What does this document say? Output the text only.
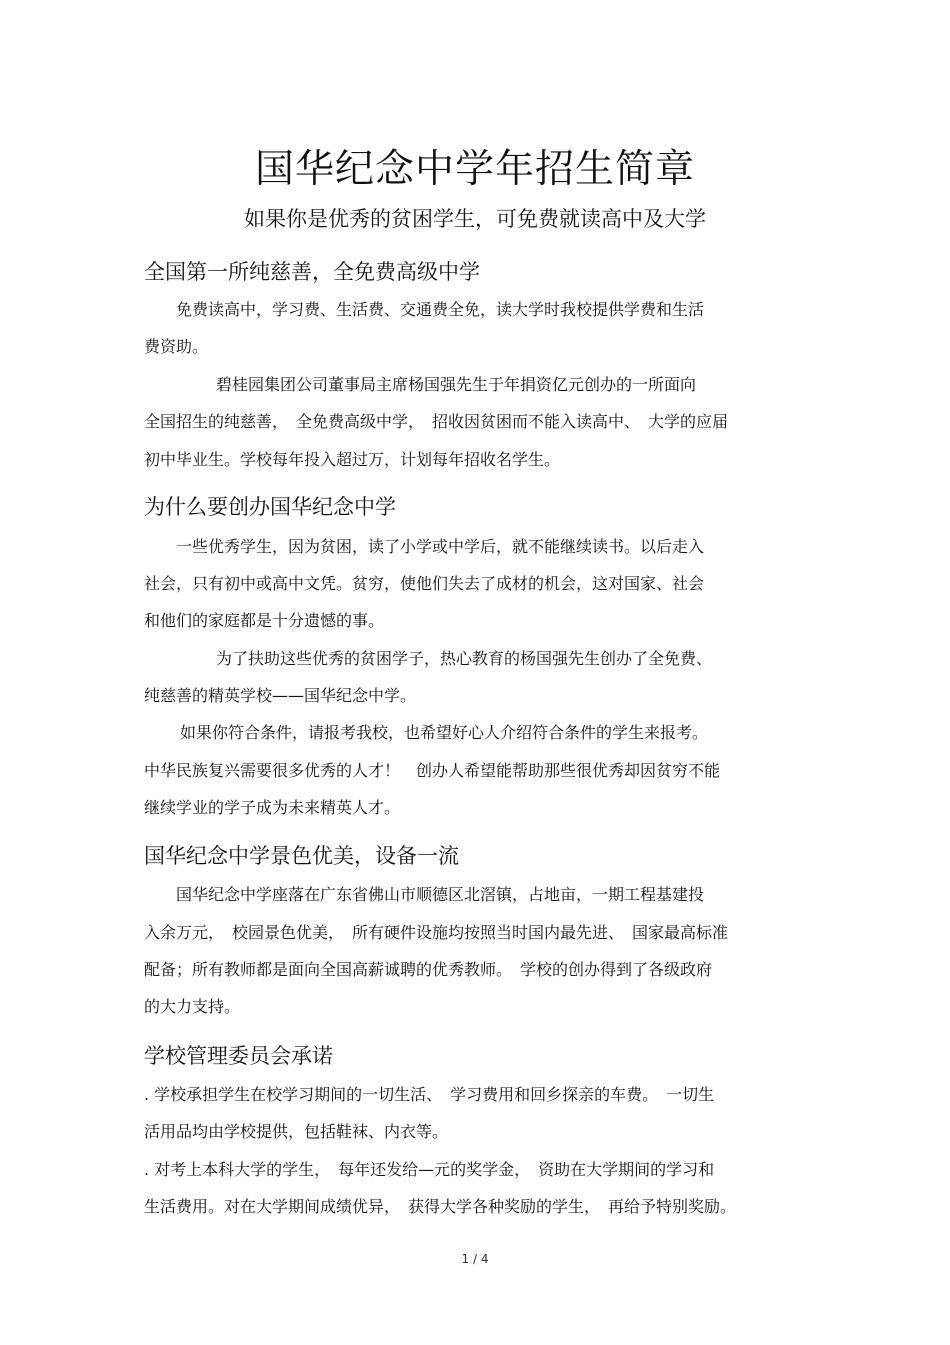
国华纪念中学年招生简章
如果你是优秀的贫困学生，可免费就读高中及大学
全国第一所纯慈善，全免费高级中学
免费读高中，学习费、生活费、交通费全免，读大学时我校提供学费和生活
费资助。
碧桂园集团公司董事局主席杨国强先生于年捐资亿元创办的一所面向
全国招生的纯慈善，　全免费高级中学，　招收因贫困而不能入读高中、　大学的应届
初中毕业生。学校每年投入超过万，计划每年招收名学生。
为什么要创办国华纪念中学
一些优秀学生，因为贫困，读了小学或中学后，就不能继续读书。以后走入
社会，只有初中或高中文凭。贫穷，使他们失去了成材的机会，这对国家、社会
和他们的家庭都是十分遗憾的事。
为了扶助这些优秀的贫困学子，热心教育的杨国强先生创办了全免费、
纯慈善的精英学校——国华纪念中学。
如果你符合条件，请报考我校，也希望好心人介绍符合条件的学生来报考。
中华民族复兴需要很多优秀的人才！　创办人希望能帮助那些很优秀却因贫穷不能
继续学业的学子成为未来精英人才。
国华纪念中学景色优美，设备一流
国华纪念中学座落在广东省佛山市顺德区北滘镇，占地亩，一期工程基建投
入余万元，　校园景色优美，　所有硬件设施均按照当时国内最先进、　国家最高标准
配备；所有教师都是面向全国高薪诚聘的优秀教师。　学校的创办得到了各级政府
的大力支持。
学校管理委员会承诺
. 学校承担学生在校学习期间的一切生活、　学习费用和回乡探亲的车费。　一切生
活用品均由学校提供，包括鞋袜、内衣等。
. 对考上本科大学的学生，　每年还发给—元的奖学金，　资助在大学期间的学习和
生活费用。对在大学期间成绩优异，　获得大学各种奖励的学生，　再给予特别奖励。
1 / 4
